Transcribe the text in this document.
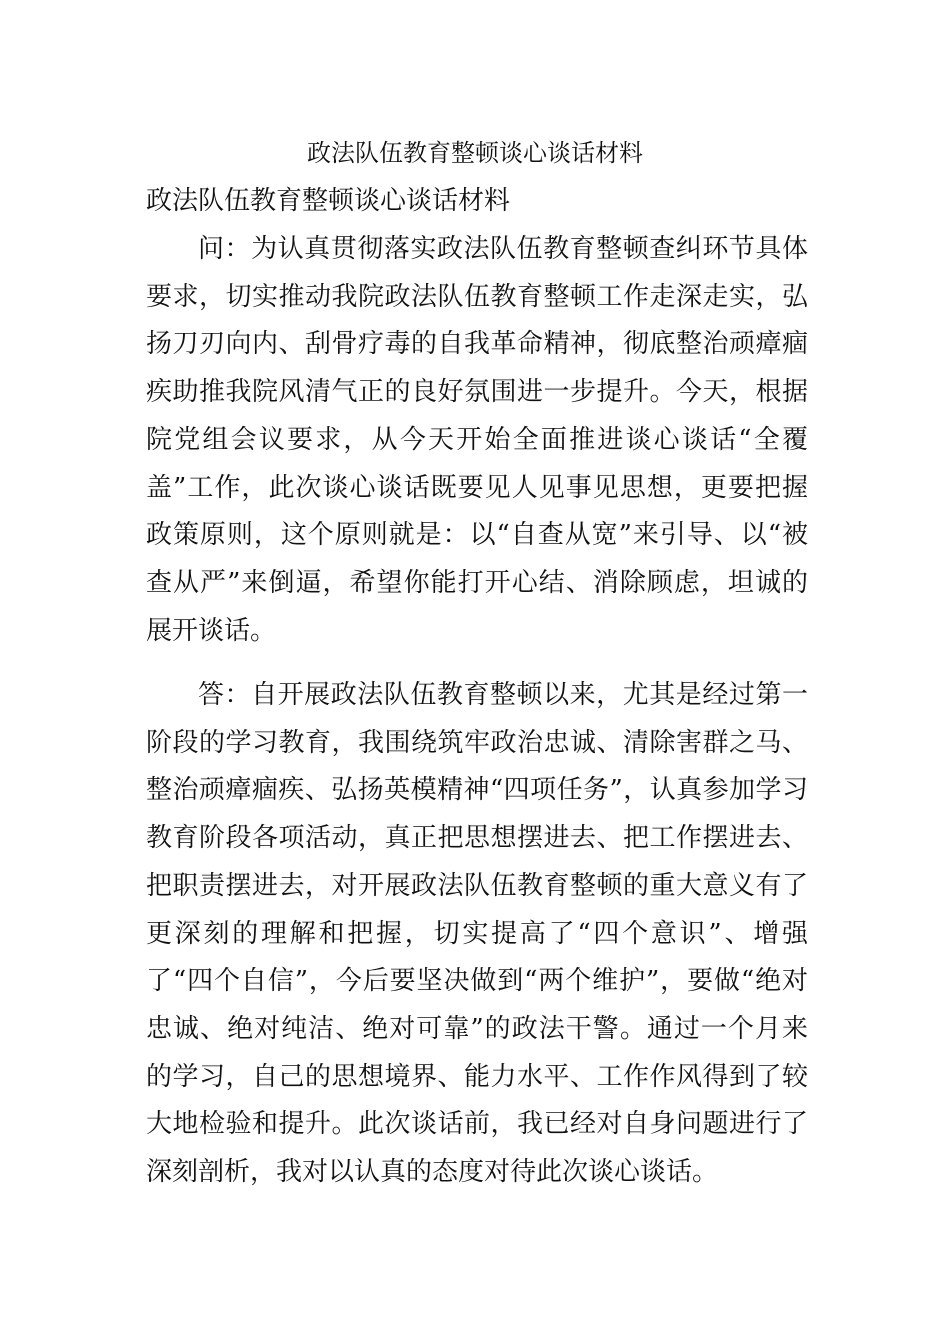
政法队伍教育整顿谈心谈话材料

政法队伍教育整顿谈心谈话材料

问：为认真贯彻落实政法队伍教育整顿查纠环节具体要求，切实推动我院政法队伍教育整顿工作走深走实，弘扬刀刃向内、刮骨疗毒的自我革命精神，彻底整治顽瘴痼疾助推我院风清气正的良好氛围进一步提升。今天，根据院党组会议要求，从今天开始全面推进谈心谈话“全覆盖”工作，此次谈心谈话既要见人见事见思想，更要把握政策原则，这个原则就是：以“自查从宽”来引导、以“被查从严”来倒逼，希望你能打开心结、消除顾虑，坦诚的展开谈话。

答：自开展政法队伍教育整顿以来，尤其是经过第一阶段的学习教育，我围绕筑牢政治忠诚、清除害群之马、整治顽瘴痼疾、弘扬英模精神“四项任务”，认真参加学习教育阶段各项活动，真正把思想摆进去、把工作摆进去、把职责摆进去，对开展政法队伍教育整顿的重大意义有了更深刻的理解和把握，切实提高了“四个意识”、增强了“四个自信”，今后要坚决做到“两个维护”，要做“绝对忠诚、绝对纯洁、绝对可靠”的政法干警。通过一个月来的学习，自己的思想境界、能力水平、工作作风得到了较大地检验和提升。此次谈话前，我已经对自身问题进行了深刻剖析，我对以认真的态度对待此次谈心谈话。
